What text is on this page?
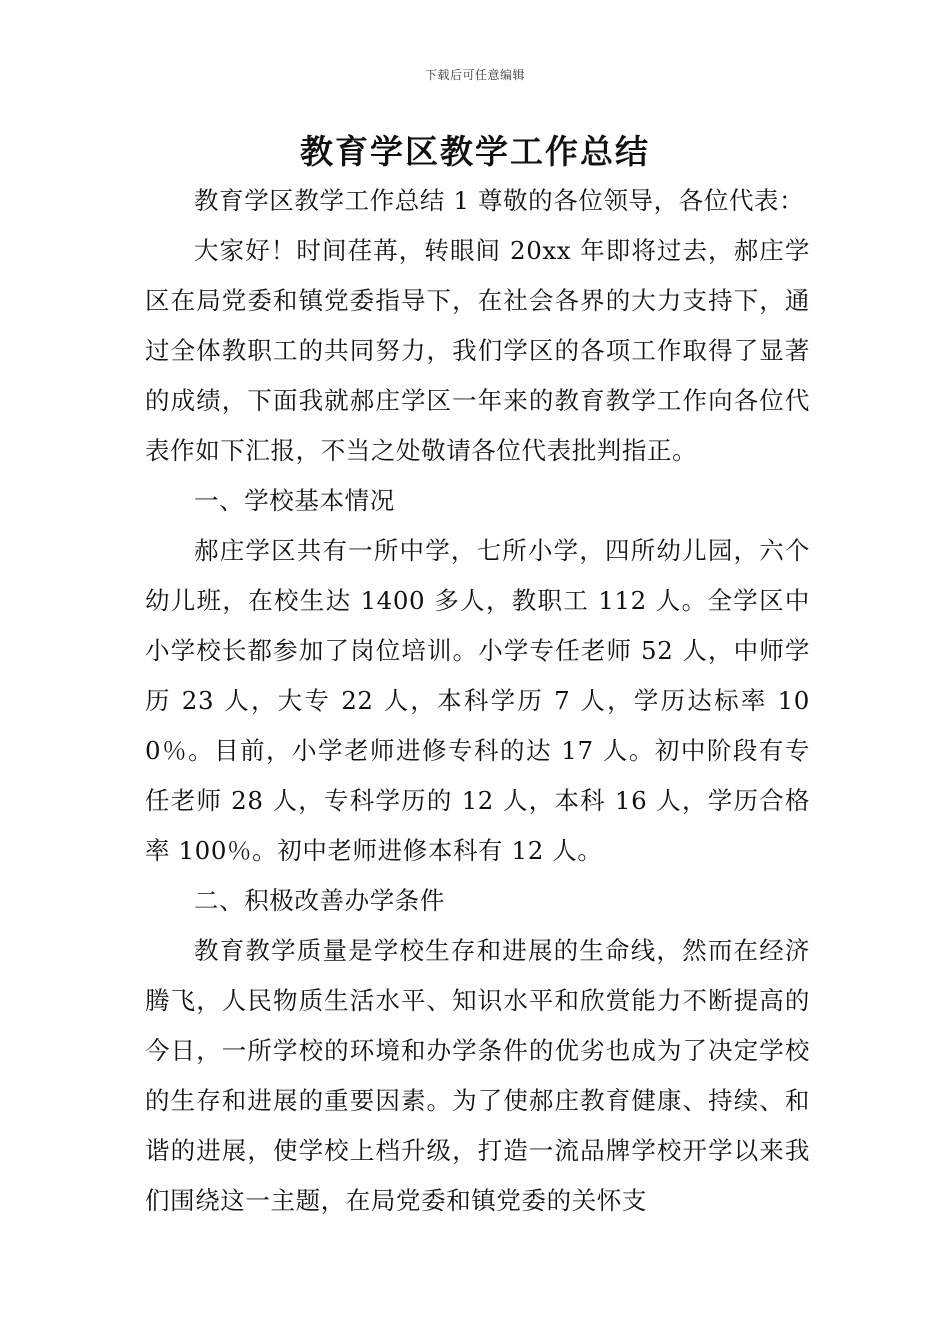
下载后可任意编辑
教育学区教学工作总结

教育学区教学工作总结 1 尊敬的各位领导，各位代表：

大家好！时间荏苒，转眼间 20xx 年即将过去，郝庄学区在局党委和镇党委指导下，在社会各界的大力支持下，通过全体教职工的共同努力，我们学区的各项工作取得了显著的成绩，下面我就郝庄学区一年来的教育教学工作向各位代表作如下汇报，不当之处敬请各位代表批判指正。

一、学校基本情况

郝庄学区共有一所中学，七所小学，四所幼儿园，六个幼儿班，在校生达 1400 多人，教职工 112 人。全学区中小学校长都参加了岗位培训。小学专任老师 52 人，中师学历 23 人，大专 22 人，本科学历 7 人，学历达标率 100％。目前，小学老师进修专科的达 17 人。初中阶段有专任老师 28 人，专科学历的 12 人，本科 16 人，学历合格率 100％。初中老师进修本科有 12 人。

二、积极改善办学条件

教育教学质量是学校生存和进展的生命线，然而在经济腾飞，人民物质生活水平、知识水平和欣赏能力不断提高的今日，一所学校的环境和办学条件的优劣也成为了决定学校的生存和进展的重要因素。为了使郝庄教育健康、持续、和谐的进展，使学校上档升级，打造一流品牌学校开学以来我们围绕这一主题，在局党委和镇党委的关怀支
